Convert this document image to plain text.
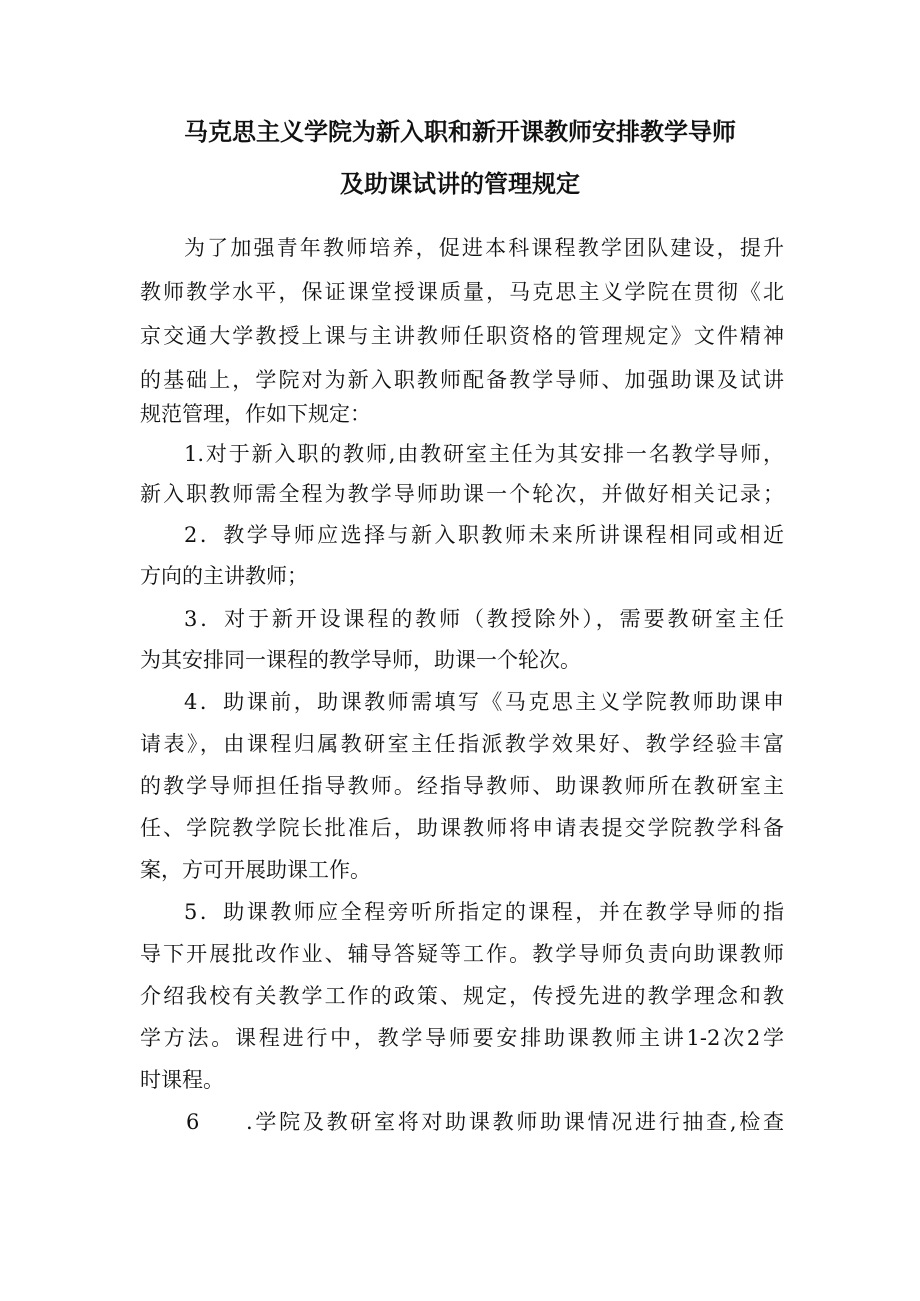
马克思主义学院为新入职和新开课教师安排教学导师
及助课试讲的管理规定
为了加强青年教师培养，促进本科课程教学团队建设，提升
教师教学水平，保证课堂授课质量，马克思主义学院在贯彻《北
京交通大学教授上课与主讲教师任职资格的管理规定》文件精神
的基础上，学院对为新入职教师配备教学导师、加强助课及试讲
规范管理，作如下规定：
1.对于新入职的教师,由教研室主任为其安排一名教学导师，
新入职教师需全程为教学导师助课一个轮次，并做好相关记录；
2．教学导师应选择与新入职教师未来所讲课程相同或相近
方向的主讲教师；
3．对于新开设课程的教师（教授除外），需要教研室主任
为其安排同一课程的教学导师，助课一个轮次。
4．助课前，助课教师需填写《马克思主义学院教师助课申
请表》，由课程归属教研室主任指派教学效果好、教学经验丰富
的教学导师担任指导教师。经指导教师、助课教师所在教研室主
任、学院教学院长批准后，助课教师将申请表提交学院教学科备
案，方可开展助课工作。
5．助课教师应全程旁听所指定的课程，并在教学导师的指
导下开展批改作业、辅导答疑等工作。教学导师负责向助课教师
介绍我校有关教学工作的政策、规定，传授先进的教学理念和教
学方法。课程进行中，教学导师要安排助课教师主讲1-2次2学
时课程。
6 .学院及教研室将对助课教师助课情况进行抽查,检查
